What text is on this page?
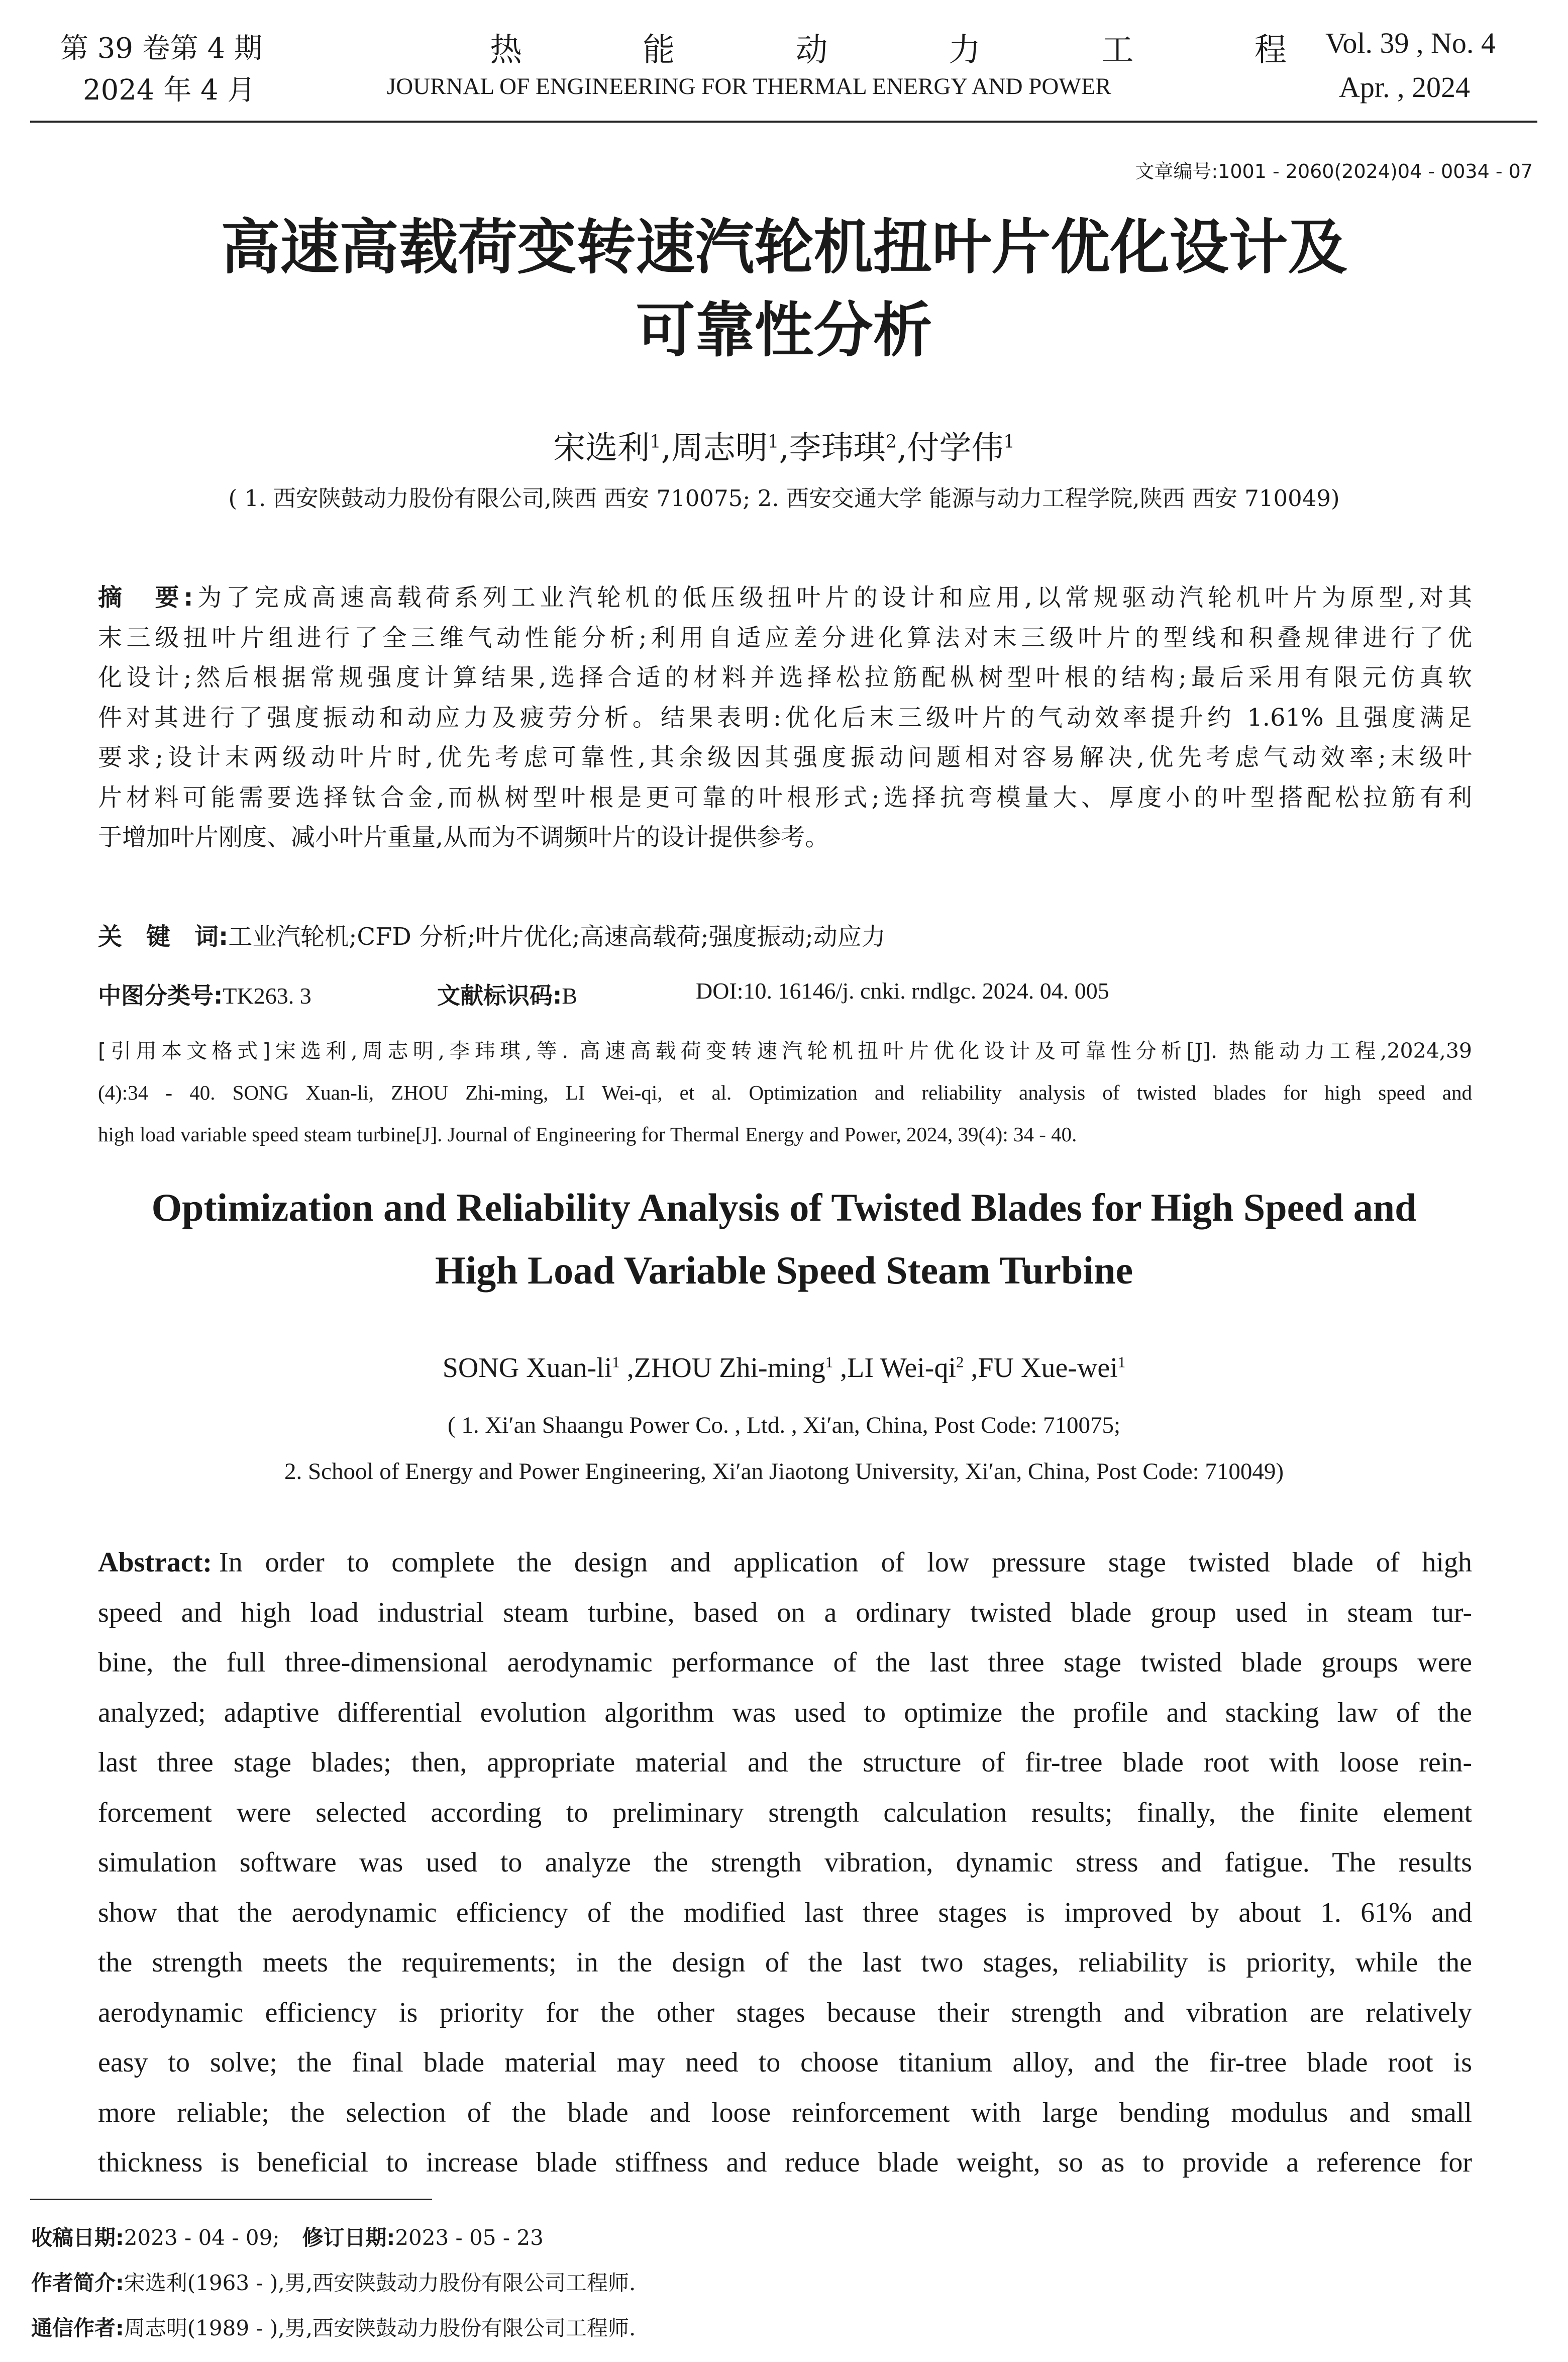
第 39 卷第 4 期
2024 年 4 月
热 能 动 力 工 程
JOURNAL OF ENGINEERING FOR THERMAL ENERGY AND POWER
Vol. 39 , No. 4
Apr. , 2024
文章编号:1001 - 2060(2024)04 - 0034 - 07
高速高载荷变转速汽轮机扭叶片优化设计及
可靠性分析
宋选利$^1$,周志明$^1$,李玮琪$^2$,付学伟$^1$
( 1. 西安陕鼓动力股份有限公司,陕西 西安 710075; 2. 西安交通大学 能源与动力工程学院,陕西 西安 710049)
摘　要:为了完成高速高载荷系列工业汽轮机的低压级扭叶片的设计和应用,以常规驱动汽轮机叶片为原型,对其
末三级扭叶片组进行了全三维气动性能分析;利用自适应差分进化算法对末三级叶片的型线和积叠规律进行了优
化设计;然后根据常规强度计算结果,选择合适的材料并选择松拉筋配枞树型叶根的结构;最后采用有限元仿真软
件对其进行了强度振动和动应力及疲劳分析。结果表明:优化后末三级叶片的气动效率提升约 1.61% 且强度满足
要求;设计末两级动叶片时,优先考虑可靠性,其余级因其强度振动问题相对容易解决,优先考虑气动效率;末级叶
片材料可能需要选择钛合金,而枞树型叶根是更可靠的叶根形式;选择抗弯模量大、厚度小的叶型搭配松拉筋有利
于增加叶片刚度、减小叶片重量,从而为不调频叶片的设计提供参考。
关　键　词:工业汽轮机;CFD 分析;叶片优化;高速高载荷;强度振动;动应力
中图分类号:TK263. 3	文献标识码:B	DOI:10. 16146/j. cnki. rndlgc. 2024. 04. 005
[引用本文格式]宋选利,周志明,李玮琪,等. 高速高载荷变转速汽轮机扭叶片优化设计及可靠性分析[J]. 热能动力工程,2024,39
(4):34 - 40. SONG Xuan-li, ZHOU Zhi-ming, LI Wei-qi, et al. Optimization and reliability analysis of twisted blades for high speed and
high load variable speed steam turbine[J]. Journal of Engineering for Thermal Energy and Power, 2024, 39(4): 34 - 40.
Optimization and Reliability Analysis of Twisted Blades for High Speed and
High Load Variable Speed Steam Turbine
SONG Xuan-$li^1$ ,ZHOU Zhi-ming$^1$ ,LI Wei-$qi^2$ ,FU Xue-wei$^1$
( 1. Xi′an Shaangu Power Co. , Ltd. , Xi′an, China, Post Code: 710075;
2. School of Energy and Power Engineering, Xi′an Jiaotong University, Xi′an, China, Post Code: 710049)
Abstract: In order to complete the design and application of low pressure stage twisted blade of high
speed and high load industrial steam turbine, based on a ordinary twisted blade group used in steam tur-
bine, the full three-dimensional aerodynamic performance of the last three stage twisted blade groups were
analyzed; adaptive differential evolution algorithm was used to optimize the profile and stacking law of the
last three stage blades; then, appropriate material and the structure of fir-tree blade root with loose rein-
forcement were selected according to preliminary strength calculation results; finally, the finite element
simulation software was used to analyze the strength vibration, dynamic stress and fatigue. The results
show that the aerodynamic efficiency of the modified last three stages is improved by about 1. 61% and
the strength meets the requirements; in the design of the last two stages, reliability is priority, while the
aerodynamic efficiency is priority for the other stages because their strength and vibration are relatively
easy to solve; the final blade material may need to choose titanium alloy, and the fir-tree blade root is
more reliable; the selection of the blade and loose reinforcement with large bending modulus and small
thickness is beneficial to increase blade stiffness and reduce blade weight, so as to provide a reference for
收稿日期:2023 - 04 - 09; 修订日期:2023 - 05 - 23
作者简介:宋选利(1963 - ),男,西安陕鼓动力股份有限公司工程师.
通信作者:周志明(1989 - ),男,西安陕鼓动力股份有限公司工程师.
